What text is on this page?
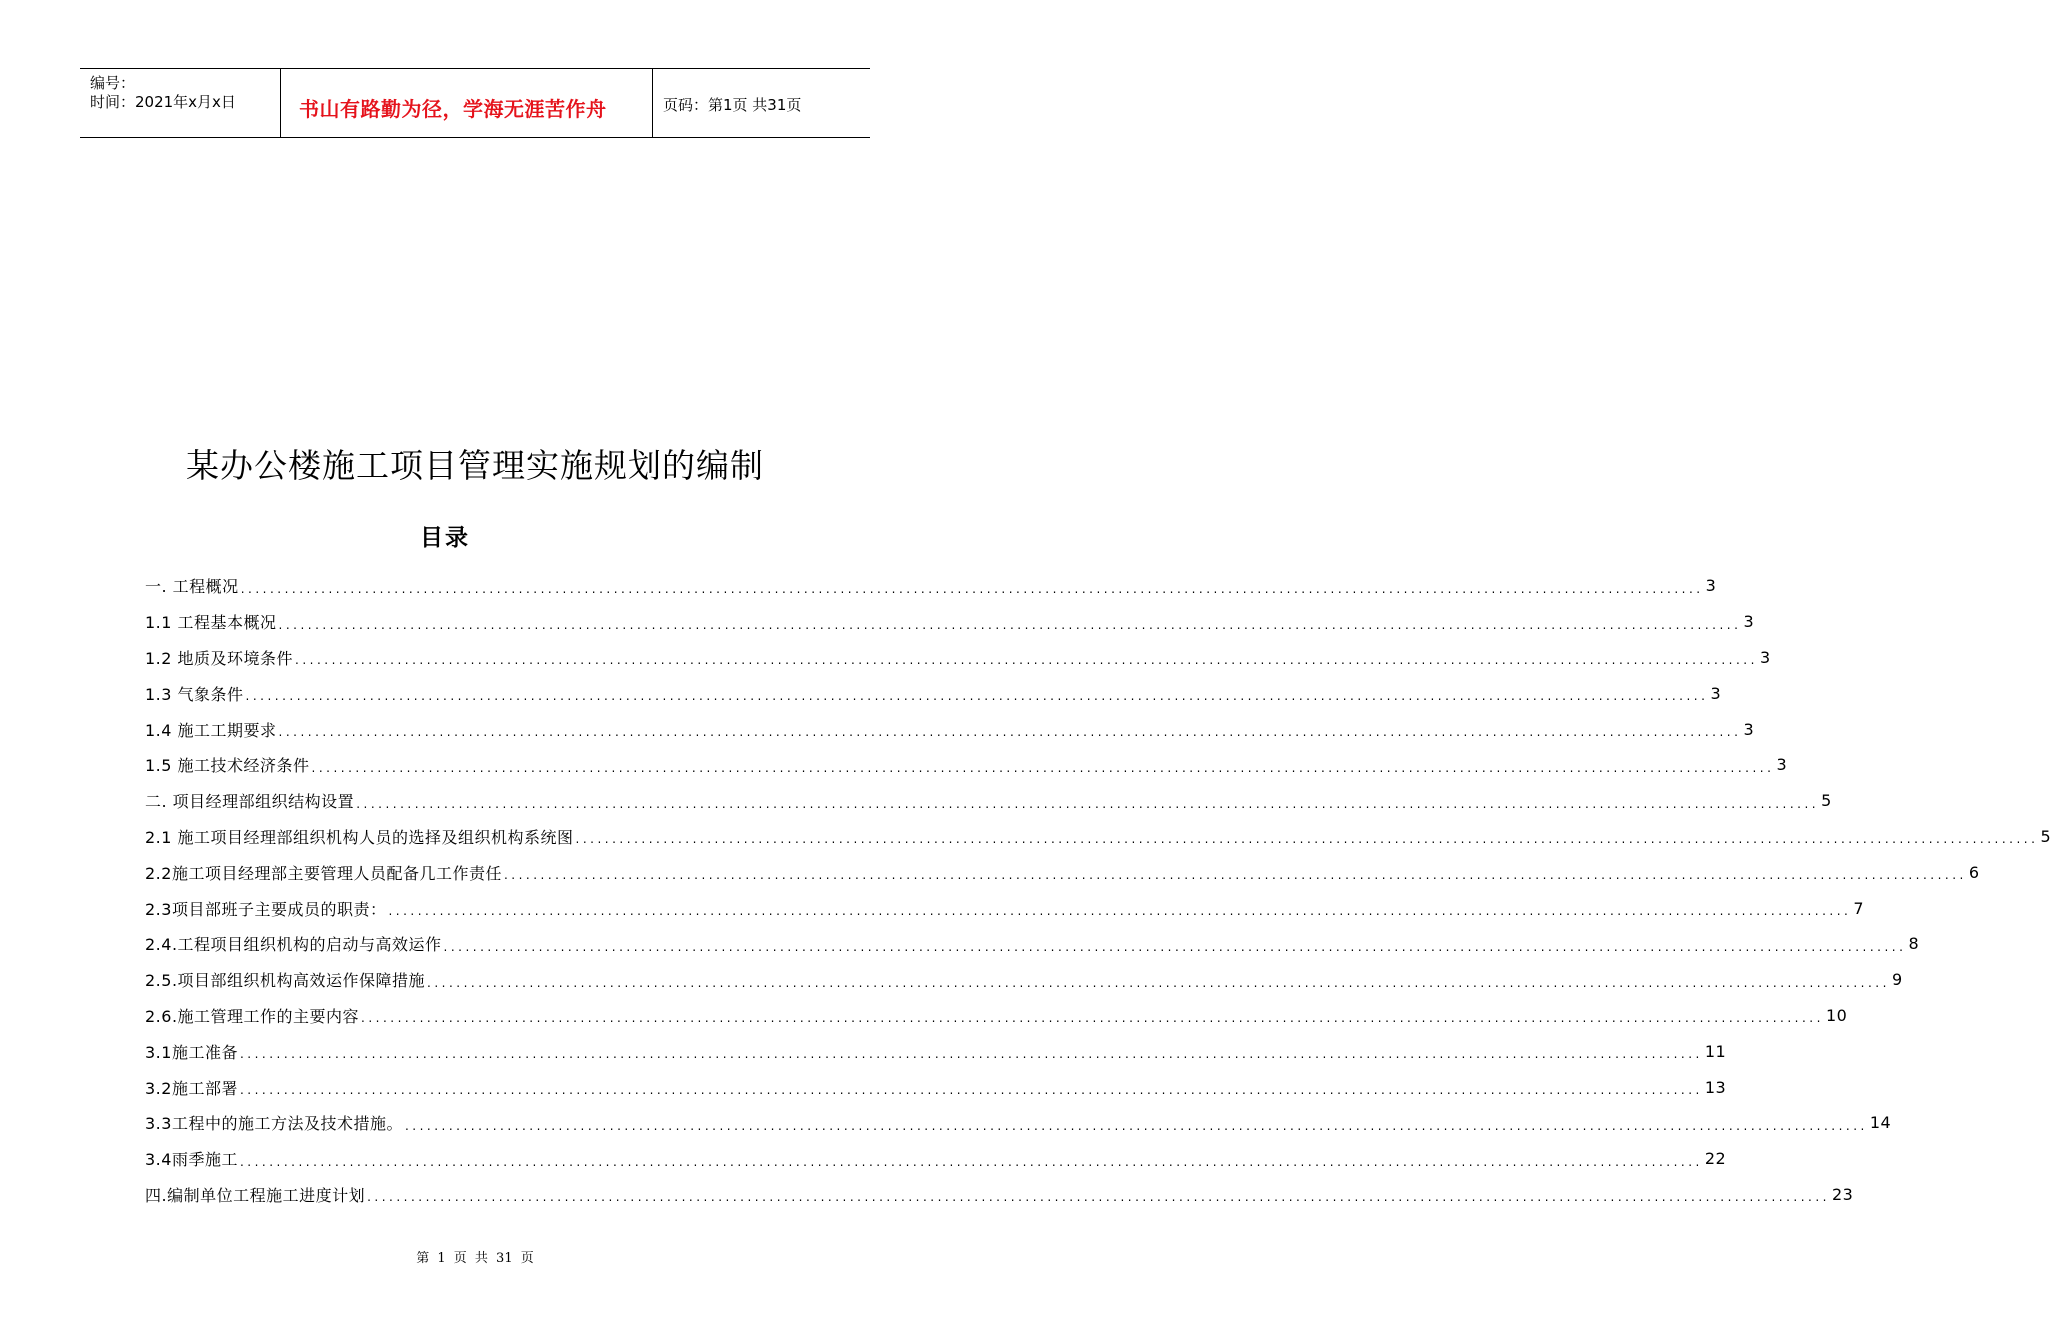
编号：
时间：2021年x月x日	书山有路勤为径，学海无涯苦作舟	页码：第1页 共31页
某办公楼施工项目管理实施规划的编制
目录
一. 工程概况 ........................................................................................................................................................................................................ 3
1.1 工程基本概况 ........................................................................................................................................................................................................ 3
1.2 地质及环境条件 ........................................................................................................................................................................................................ 3
1.3 气象条件 ........................................................................................................................................................................................................ 3
1.4 施工工期要求 ........................................................................................................................................................................................................ 3
1.5 施工技术经济条件 ........................................................................................................................................................................................................ 3
二. 项目经理部组织结构设置 ........................................................................................................................................................................................................ 5
2.1 施工项目经理部组织机构人员的选择及组织机构系统图 ........................................................................................................................................................................................................ 5
2.2施工项目经理部主要管理人员配备几工作责任 ........................................................................................................................................................................................................ 6
2.3项目部班子主要成员的职责： ........................................................................................................................................................................................................ 7
2.4.工程项目组织机构的启动与高效运作 ........................................................................................................................................................................................................ 8
2.5.项目部组织机构高效运作保障措施 ........................................................................................................................................................................................................ 9
2.6.施工管理工作的主要内容 ........................................................................................................................................................................................................ 10
3.1施工准备 ........................................................................................................................................................................................................ 11
3.2施工部署 ........................................................................................................................................................................................................ 13
3.3工程中的施工方法及技术措施。 ........................................................................................................................................................................................................ 14
3.4雨季施工 ........................................................................................................................................................................................................ 22
四.编制单位工程施工进度计划 ........................................................................................................................................................................................................ 23
第 1 页 共 31 页
